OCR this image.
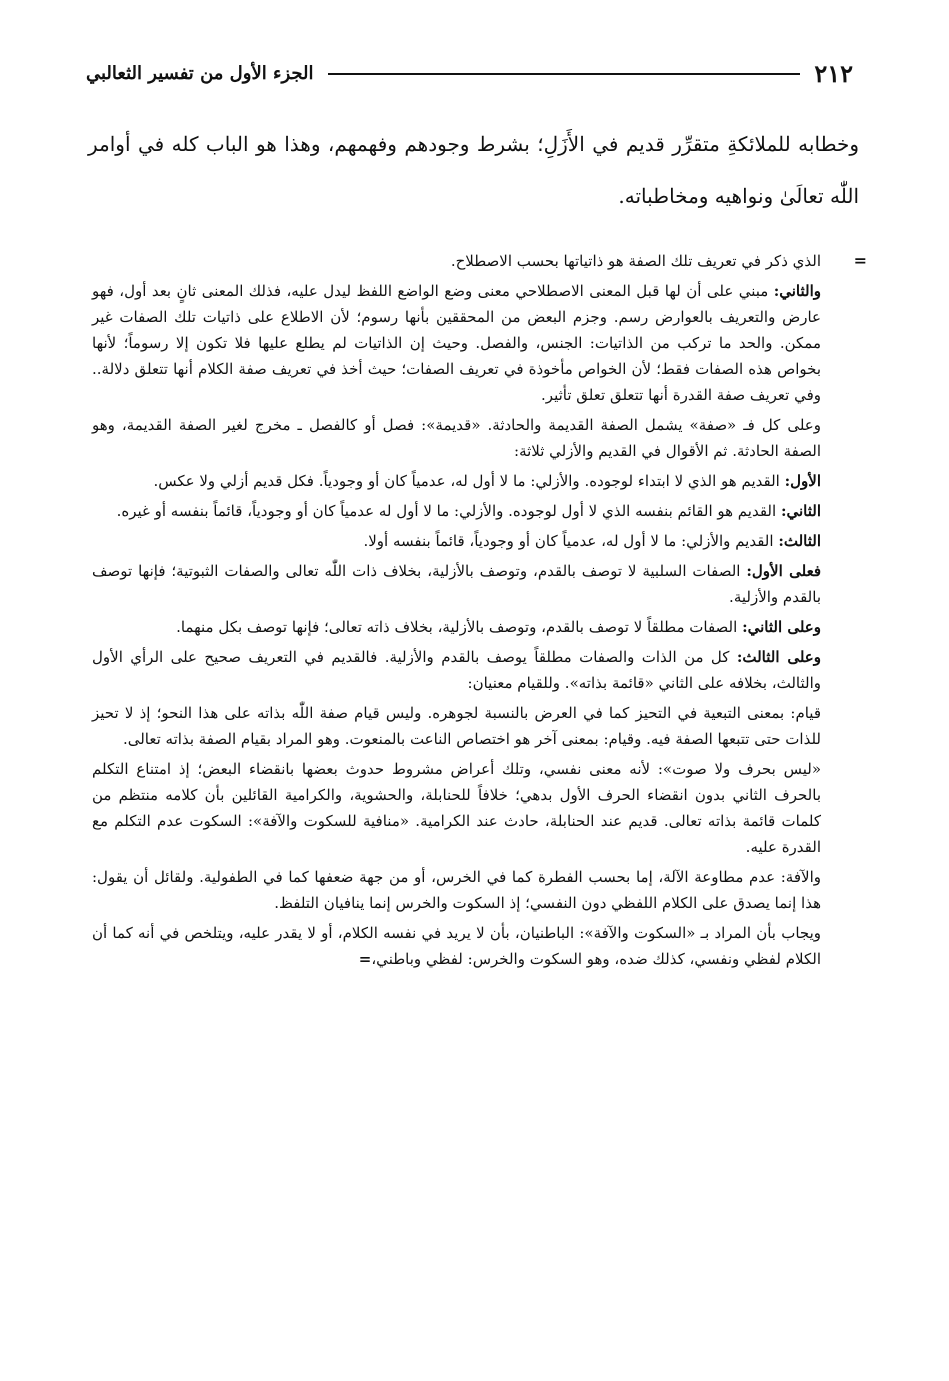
٢١٢
الجزء الأول من تفسير الثعالبي

وخطابه للملائكةِ متقرِّر قديم في الأَزَلِ؛ بشرط وجودهم وفهمهم، وهذا هو الباب كله في أوامر اللّٰه تعالَىٰ ونواهيه ومخاطباته.

=
الذي ذكر في تعريف تلك الصفة هو ذاتياتها بحسب الاصطلاح.

والثاني: مبني على أن لها قبل المعنى الاصطلاحي معنى وضع الواضع اللفظ ليدل عليه، فذلك المعنى ثانٍ بعد أول، فهو عارض والتعريف بالعوارض رسم. وجزم البعض من المحققين بأنها رسوم؛ لأن الاطلاع على ذاتيات تلك الصفات غير ممكن. والحد ما تركب من الذاتيات: الجنس، والفصل. وحيث إن الذاتيات لم يطلع عليها فلا تكون إلا رسوماً؛ لأنها بخواص هذه الصفات فقط؛ لأن الخواص مأخوذة في تعريف الصفات؛ حيث أخذ في تعريف صفة الكلام أنها تتعلق دلالة.. وفي تعريف صفة القدرة أنها تتعلق تعلق تأثير.

وعلى كل فـ «صفة» يشمل الصفة القديمة والحادثة. «قديمة»: فصل أو كالفصل ـ مخرج لغير الصفة القديمة، وهو الصفة الحادثة. ثم الأقوال في القديم والأزلي ثلاثة:

الأول: القديم هو الذي لا ابتداء لوجوده. والأزلي: ما لا أول له، عدمياً كان أو وجودياً. فكل قديم أزلي ولا عكس.

الثاني: القديم هو القائم بنفسه الذي لا أول لوجوده. والأزلي: ما لا أول له عدمياً كان أو وجودياً، قائماً بنفسه أو غيره.

الثالث: القديم والأزلي: ما لا أول له، عدمياً كان أو وجودياً، قائماً بنفسه أولا.

فعلى الأول: الصفات السلبية لا توصف بالقدم، وتوصف بالأزلية، بخلاف ذات اللّٰه تعالى والصفات الثبوتية؛ فإنها توصف بالقدم والأزلية.

وعلى الثاني: الصفات مطلقاً لا توصف بالقدم، وتوصف بالأزلية، بخلاف ذاته تعالى؛ فإنها توصف بكل منهما.

وعلى الثالث: كل من الذات والصفات مطلقاً يوصف بالقدم والأزلية. فالقديم في التعريف صحيح على الرأي الأول والثالث، بخلافه على الثاني «قائمة بذاته». وللقيام معنيان:

قيام: بمعنى التبعية في التحيز كما في العرض بالنسبة لجوهره. وليس قيام صفة اللّٰه بذاته على هذا النحو؛ إذ لا تحيز للذات حتى تتبعها الصفة فيه. وقيام: بمعنى آخر هو اختصاص الناعت بالمنعوت. وهو المراد بقيام الصفة بذاته تعالى.

«ليس بحرف ولا صوت»: لأنه معنى نفسي، وتلك أعراض مشروط حدوث بعضها بانقضاء البعض؛ إذ امتناع التكلم بالحرف الثاني بدون انقضاء الحرف الأول بدهي؛ خلافاً للحنابلة، والحشوية، والكرامية القائلين بأن كلامه منتظم من كلمات قائمة بذاته تعالى. قديم عند الحنابلة، حادث عند الكرامية. «منافية للسكوت والآفة»: السكوت عدم التكلم مع القدرة عليه.

والآفة: عدم مطاوعة الآلة، إما بحسب الفطرة كما في الخرس، أو من جهة ضعفها كما في الطفولية. ولقائل أن يقول: هذا إنما يصدق على الكلام اللفظي دون النفسي؛ إذ السكوت والخرس إنما ينافيان التلفظ.

ويجاب بأن المراد بـ «السكوت والآفة»: الباطنيان، بأن لا يريد في نفسه الكلام، أو لا يقدر عليه، ويتلخص في أنه كما أن الكلام لفظي ونفسي، كذلك ضده، وهو السكوت والخرس: لفظي وباطني،=
